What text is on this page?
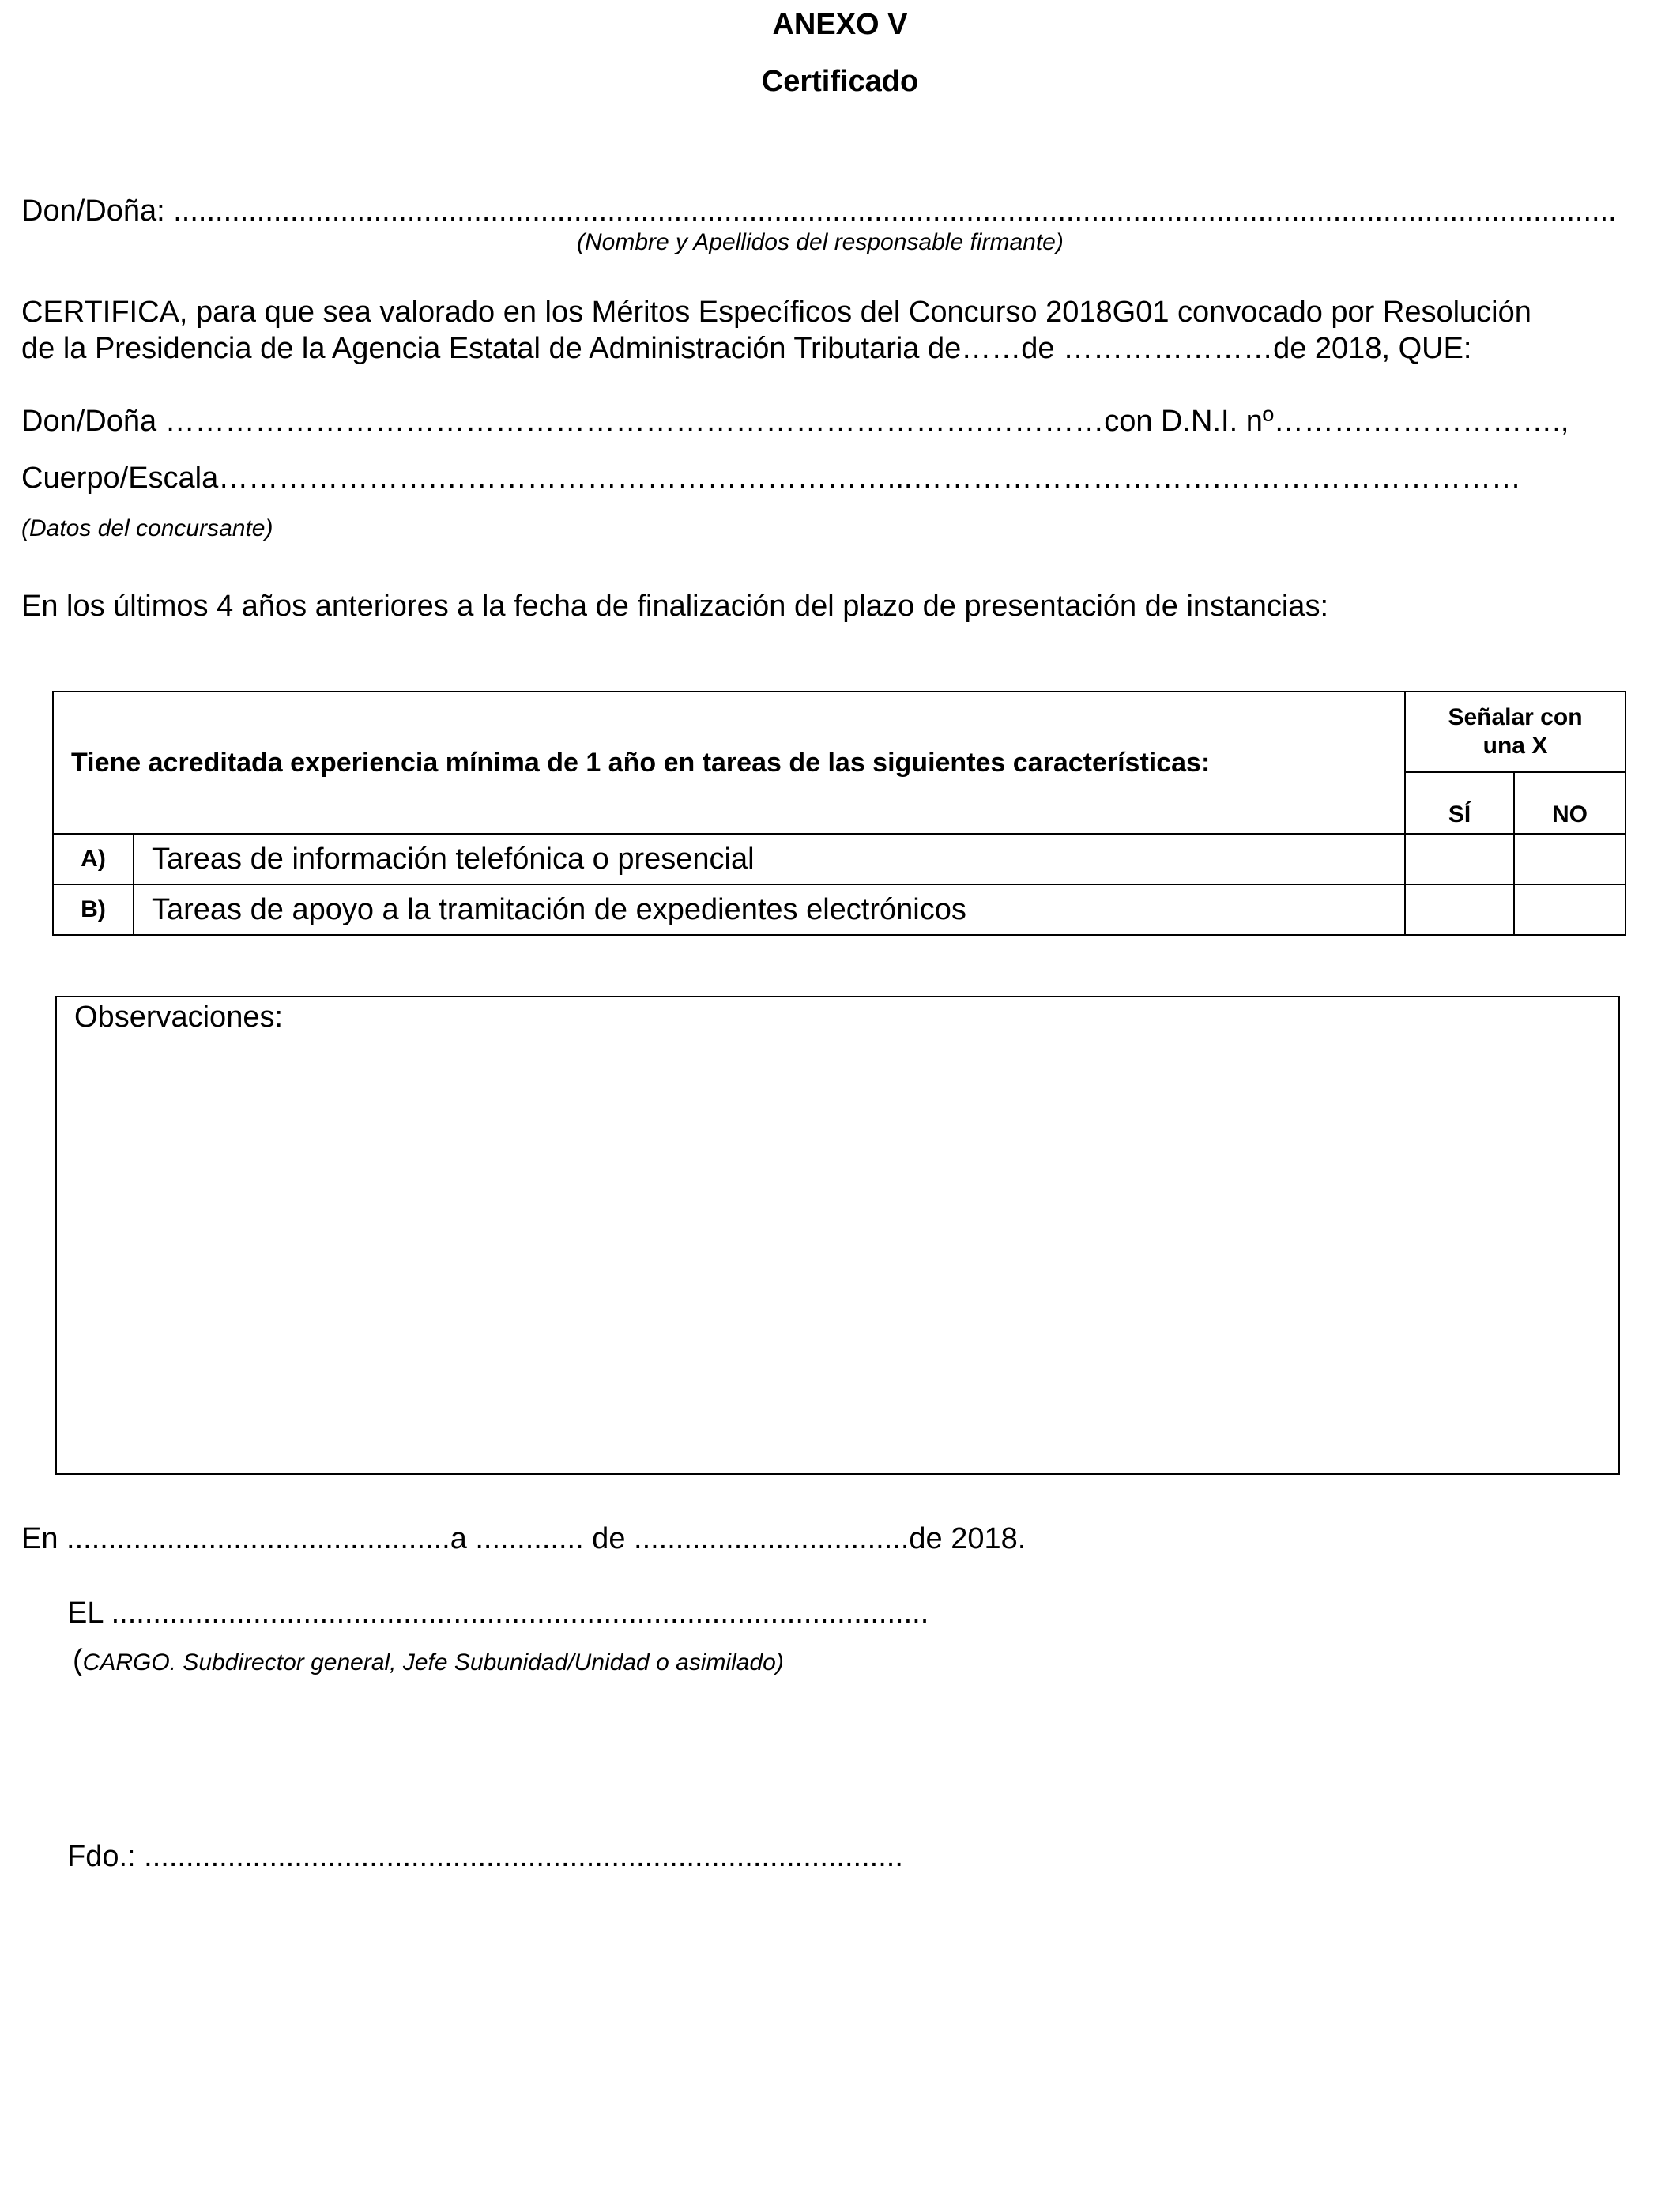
ANEXO V
Certificado
Don/Doña: .............................................................................................................................................................................
(Nombre y Apellidos del responsable firmante)
CERTIFICA, para que sea valorado en los Méritos Específicos del Concurso 2018G01 convocado por Resolución
de la Presidencia de la Agencia Estatal de Administración Tributaria de……de …………………de 2018, QUE:
Don/Doña ……………………………………………………………………….…………con D.N.I. nº……….……………….,
Cuerpo/Escala………………….………………………………………...………………………….…………………………
(Datos del concursante)
En los últimos 4 años anteriores a la fecha de finalización del plazo de presentación de instancias:
Tiene acreditada experiencia mínima de 1 año en tareas de las siguientes características:		Señalar con una X	
		SÍ	NO
A)	Tareas de información telefónica o presencial		
B)	Tareas de apoyo a la tramitación de expedientes electrónicos		
Observaciones:
En ..............................................a ............. de .................................de 2018.
EL ..................................................................................................
(CARGO. Subdirector general, Jefe Subunidad/Unidad o asimilado)
Fdo.: ...........................................................................................
